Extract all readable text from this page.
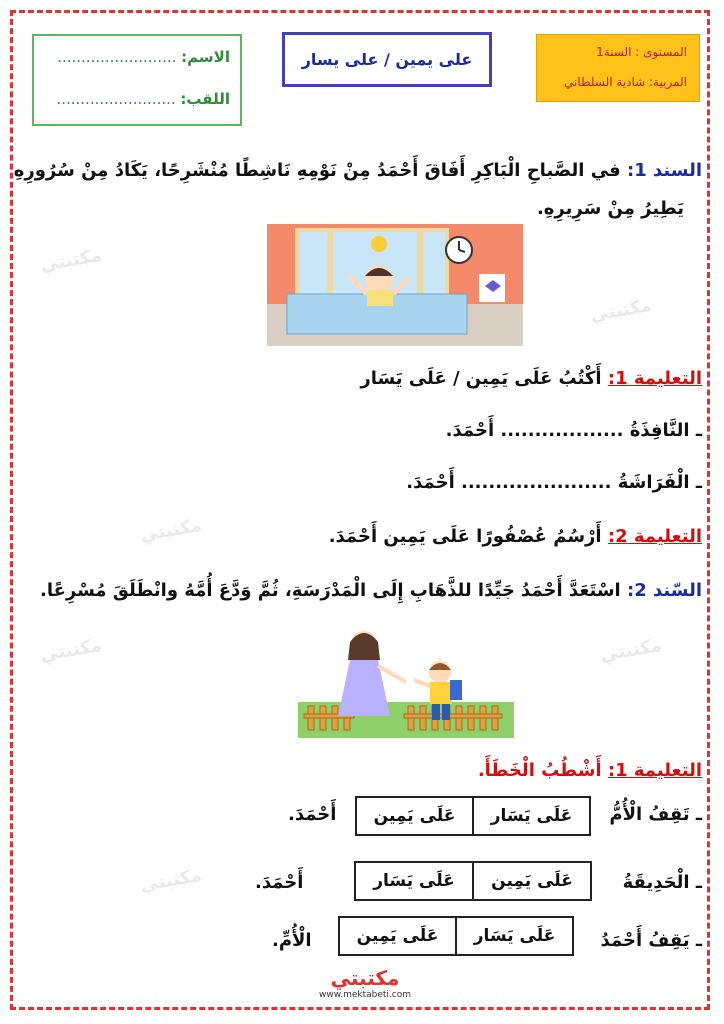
مكتبتي
مكتبتي
مكتبتي	مكتبتي
مكتبتي
مكتبتي
الاسم: .........................
اللقب: .........................
على يمين / على يسار	المستوى : السنة1
المربية: شادية السلطاني
السند 1: في الصَّباحِ الْبَاكِرِ أَفَاقَ أَحْمَدُ مِنْ نَوْمِهِ نَاشِطًا مُنْشَرِحًا، يَكَادُ مِنْ سُرُورِهِ
يَطِيرُ مِنْ سَرِيرِهِ.
التعليمة 1: أَكْتُبُ عَلَى يَمِين / عَلَى يَسَار
ـ النَّافِذَةُ .................. أَحْمَدَ.
ـ الْفَرَاشَةُ ...................... أَحْمَدَ.
التعليمة 2: أَرْسُمُ عُصْفُورًا عَلَى يَمِين أَحْمَدَ.
السّند 2: اسْتَعَدَّ أَحْمَدُ جَيِّدًا للذَّهَابِ إِلَى الْمَدْرَسَةِ، ثُمَّ وَدَّعَ أُمَّهُ وانْطَلَقَ مُسْرِعًا.
التعليمة 1: أَشْطُبُ الْخَطَأَ.
ـ تَقِفُ الْأُمُّ
عَلَى يَمِين	عَلَى يَسَار
أَحْمَدَ.
ـ الْحَدِيقَةُ
عَلَى يَسَار	عَلَى يَمِين
أَحْمَدَ.
ـ يَقِفُ أَحْمَدُ
عَلَى يَمِين	عَلَى يَسَار
الْأُمِّ.
مكتبتي
www.mektabeti.com
